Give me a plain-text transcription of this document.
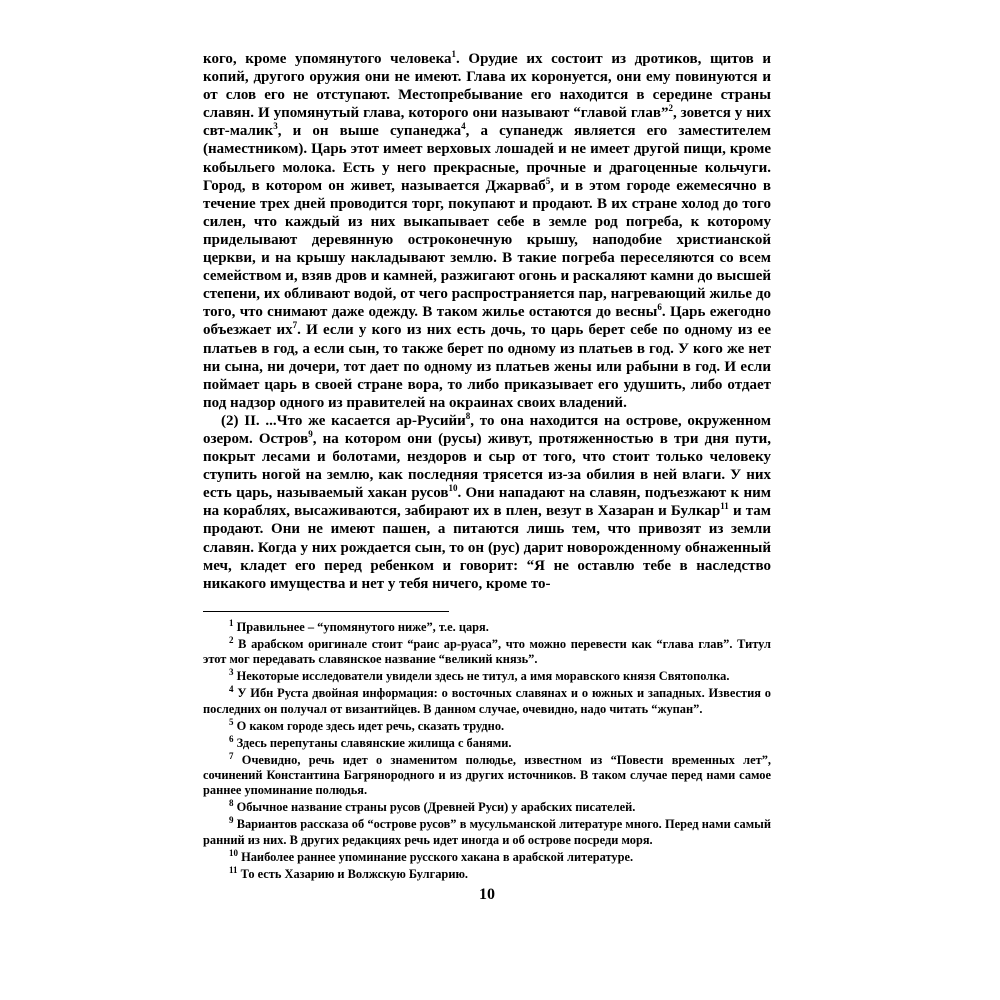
кого, кроме упомянутого человека$^1$. Орудие их состоит из дротиков, щитов и копий, другого оружия они не имеют. Глава их коронуется, они ему повинуются и от слов его не отступают. Местопребывание его находится в середине страны славян. И упомянутый глава, которого они называют “главой глав”$^2$, зовется у них свт-малик$^3$, и он выше супанеджа$^4$, а супанедж является его заместителем (наместником). Царь этот имеет верховых лошадей и не имеет другой пищи, кроме кобыльего молока. Есть у него прекрасные, прочные и драгоценные кольчуги. Город, в котором он живет, называется Джарваб$^5$, и в этом городе ежемесячно в течение трех дней проводится торг, покупают и продают. В их стране холод до того силен, что каждый из них выкапывает себе в земле род погреба, к которому приделывают деревянную остроконечную крышу, наподобие христианской церкви, и на крышу накладывают землю. В такие погреба переселяются со всем семейством и, взяв дров и камней, разжигают огонь и раскаляют камни до высшей степени, их обливают водой, от чего распространяется пар, нагревающий жилье до того, что снимают даже одежду. В таком жилье остаются до весны$^6$. Царь ежегодно объезжает $их^7$. И если у кого из них есть дочь, то царь берет себе по одному из ее платьев в год, а если сын, то также берет по одному из платьев в год. У кого же нет ни сына, ни дочери, тот дает по одному из платьев жены или рабыни в год. И если поймает царь в своей стране вора, то либо приказывает его удушить, либо отдает под надзор одного из правителей на окраинах своих владений.

(2) II. ...Что же касается ар-Русийи$^8$, то она находится на острове, окруженном озером. Остров$^9$, на котором они (русы) живут, протяженностью в три дня пути, покрыт лесами и болотами, нездоров и сыр от того, что стоит только человеку ступить ногой на землю, как последняя трясется из-за обилия в ней влаги. У них есть царь, называемый хакан русов$^{10}$. Они нападают на славян, подъезжают к ним на кораблях, высаживаются, забирают их в плен, везут в Хазаран и Булкар$^{11}$ и там продают. Они не имеют пашен, а питаются лишь тем, что привозят из земли славян. Когда у них рождается сын, то он (рус) дарит новорожденному обнаженный меч, кладет его перед ребенком и говорит: “Я не оставлю тебе в наследство никакого имущества и нет у тебя ничего, кроме то-

$^1$ Правильнее – “упомянутого ниже”, т.е. царя.

$^2$ В арабском оригинале стоит “раис ар-руаса”, что можно перевести как “глава глав”. Титул этот мог передавать славянское название “великий князь”.

$^3$ Некоторые исследователи увидели здесь не титул, а имя моравского князя Святополка.

$^4$ У Ибн Руста двойная информация: о восточных славянах и о южных и западных. Известия о последних он получал от византийцев. В данном случае, очевидно, надо читать “жупан”.

$^5$ О каком городе здесь идет речь, сказать трудно.

$^6$ Здесь перепутаны славянские жилища с банями.

$^7$ Очевидно, речь идет о знаменитом полюдье, известном из “Повести временных лет”, сочинений Константина Багрянородного и из других источников. В таком случае перед нами самое раннее упоминание полюдья.

$^8$ Обычное название страны русов (Древней Руси) у арабских писателей.

$^9$ Вариантов рассказа об “острове русов” в мусульманской литературе много. Перед нами самый ранний из них. В других редакциях речь идет иногда и об острове посреди моря.

$^{10}$ Наиболее раннее упоминание русского хакана в арабской литературе.

$^{11}$ То есть Хазарию и Волжскую Булгарию.

10
